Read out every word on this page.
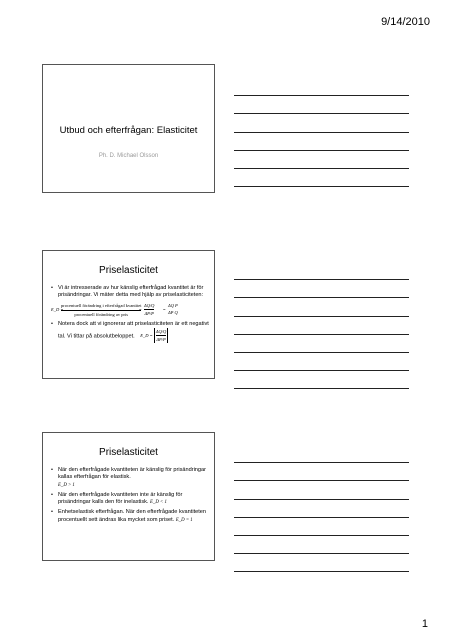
9/14/2010
Utbud och efterfrågan: Elasticitet
Ph. D. Michael Olsson
Priselasticitet
• Vi är intresserade av hur känslig efterfrågad kvantitet är för prisändringar. Vi mäter detta med hjälp av priselasticiteten:
E_D =
procentuell förändring i efterfrågad kvantitet
procentuell förändring av pris
= $\frac{\Delta Q/Q}{\Delta P/P}$ =
ΔQ P
ΔP Q
• Notera dock att vi ignorerar att priselasticiteten är ett negativt tal. Vi tittar på absolutbeloppet. E_D = $\frac{\Delta Q/Q}{\Delta P/P}$
Priselasticitet
• När den efterfrågade kvantiteten är känslig för prisändringar kallas efterfrågan för elastisk.
E_D > 1
• När den efterfrågade kvantiteten inte är känslig för prisändringar kalls den för inelastisk. E_D < 1
• Enhetselastisk efterfrågan. När den efterfrågade kvantiteten procentuellt sett ändras lika mycket som priset. E_D = 1
1
